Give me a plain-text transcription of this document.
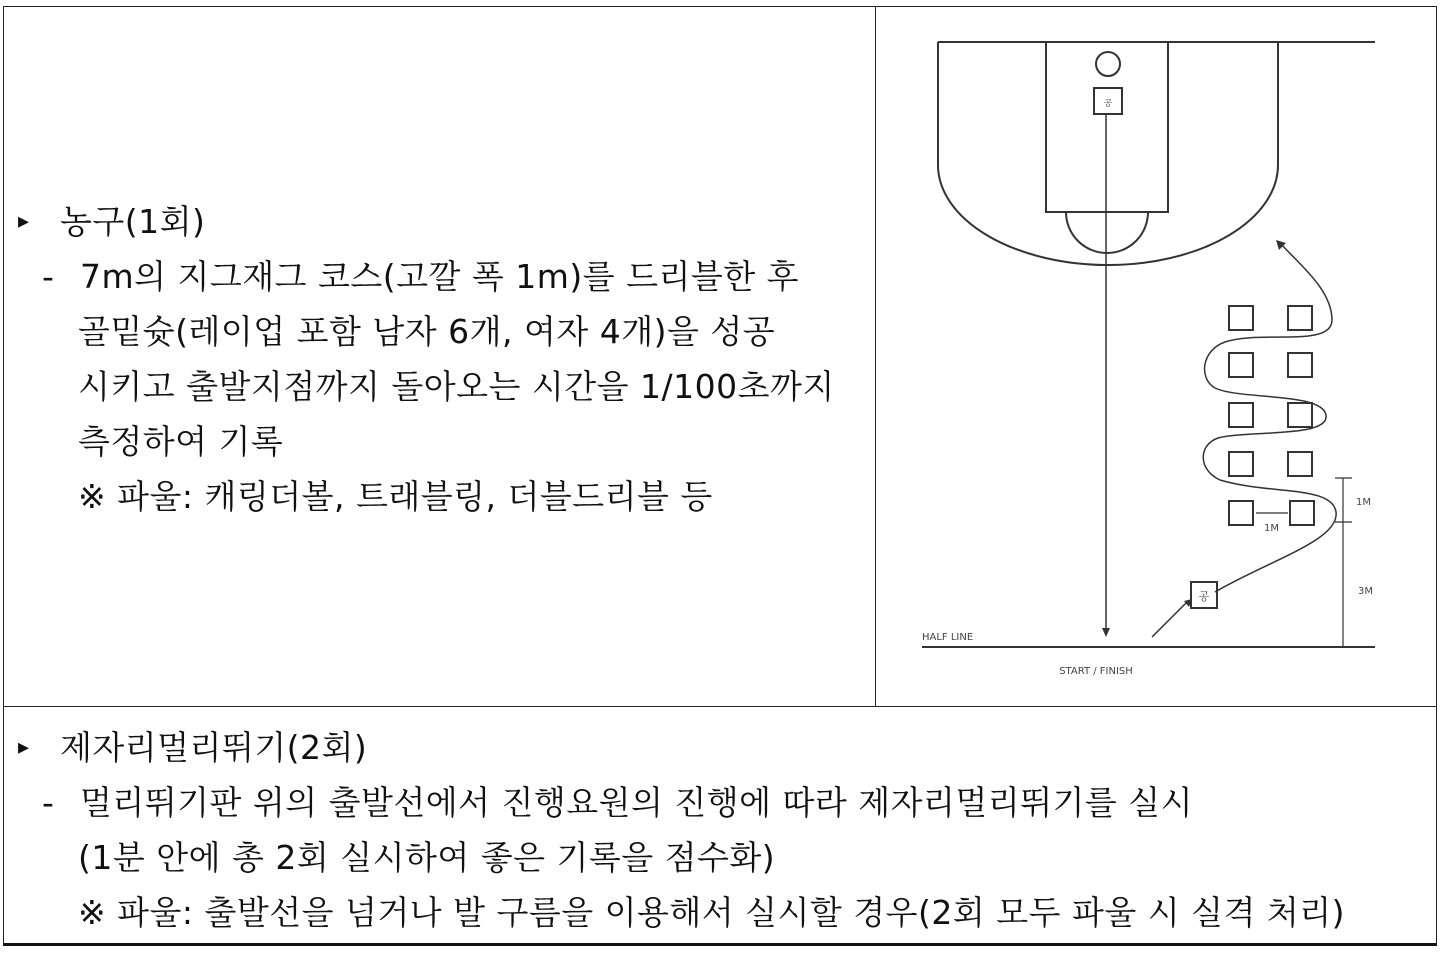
▸ 농구(1회)
- 7m의 지그재그 코스(고깔 폭 1m)를 드리블한 후
골밑슛(레이업 포함 남자 6개, 여자 4개)을 성공
시키고 출발지점까지 돌아오는 시간을 1/100초까지
측정하여 기록
※ 파울: 캐링더볼, 트래블링, 더블드리블 등
공
공
1M
1M
3M
HALF LINE
START / FINISH
▸ 제자리멀리뛰기(2회)
- 멀리뛰기판 위의 출발선에서 진행요원의 진행에 따라 제자리멀리뛰기를 실시
(1분 안에 총 2회 실시하여 좋은 기록을 점수화)
※ 파울: 출발선을 넘거나 발 구름을 이용해서 실시할 경우(2회 모두 파울 시 실격 처리)
